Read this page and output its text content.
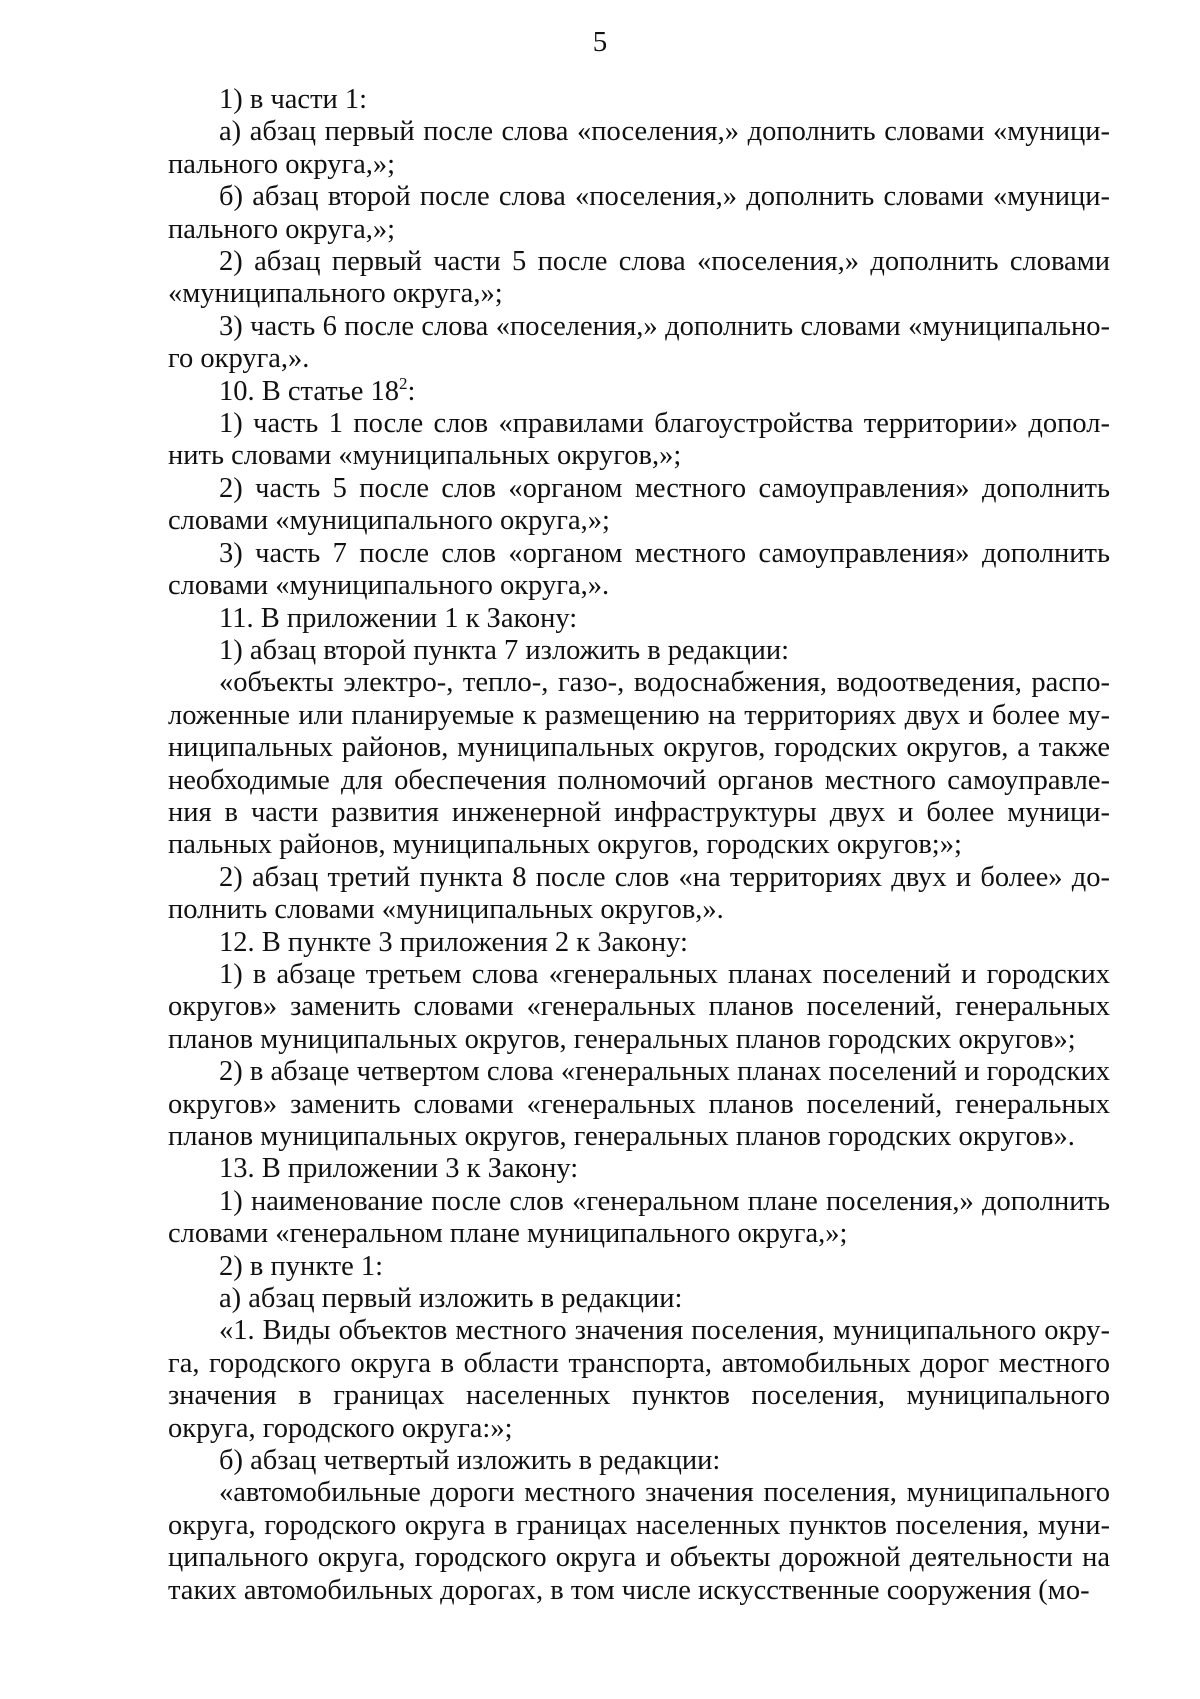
5

1) в части 1:

а) абзац первый после слова «поселения,» дополнить словами «муниципального округа,»;

б) абзац второй после слова «поселения,» дополнить словами «муниципального округа,»;

2) абзац первый части 5 после слова «поселения,» дополнить словами «муниципального округа,»;

3) часть 6 после слова «поселения,» дополнить словами «муниципального округа,».

10. В статье $18^2$:

1) часть 1 после слов «правилами благоустройства территории» дополнить словами «муниципальных округов,»;

2) часть 5 после слов «органом местного самоуправления» дополнить словами «муниципального округа,»;

3) часть 7 после слов «органом местного самоуправления» дополнить словами «муниципального округа,».

11. В приложении 1 к Закону:

1) абзац второй пункта 7 изложить в редакции:

«объекты электро-, тепло-, газо-, водоснабжения, водоотведения, расположенные или планируемые к размещению на территориях двух и более муниципальных районов, муниципальных округов, городских округов, а также необходимые для обеспечения полномочий органов местного самоуправления в части развития инженерной инфраструктуры двух и более муниципальных районов, муниципальных округов, городских округов;»;

2) абзац третий пункта 8 после слов «на территориях двух и более» дополнить словами «муниципальных округов,».

12. В пункте 3 приложения 2 к Закону:

1) в абзаце третьем слова «генеральных планах поселений и городских округов» заменить словами «генеральных планов поселений, генеральных планов муниципальных округов, генеральных планов городских округов»;

2) в абзаце четвертом слова «генеральных планах поселений и городских округов» заменить словами «генеральных планов поселений, генеральных планов муниципальных округов, генеральных планов городских округов».

13. В приложении 3 к Закону:

1) наименование после слов «генеральном плане поселения,» дополнить словами «генеральном плане муниципального округа,»;

2) в пункте 1:

а) абзац первый изложить в редакции:

«1. Виды объектов местного значения поселения, муниципального округа, городского округа в области транспорта, автомобильных дорог местного значения в границах населенных пунктов поселения, муниципального округа, городского округа:»;

б) абзац четвертый изложить в редакции:

«автомобильные дороги местного значения поселения, муниципального округа, городского округа в границах населенных пунктов поселения, муниципального округа, городского округа и объекты дорожной деятельности на таких автомобильных дорогах, в том числе искусственные сооружения (мо-
